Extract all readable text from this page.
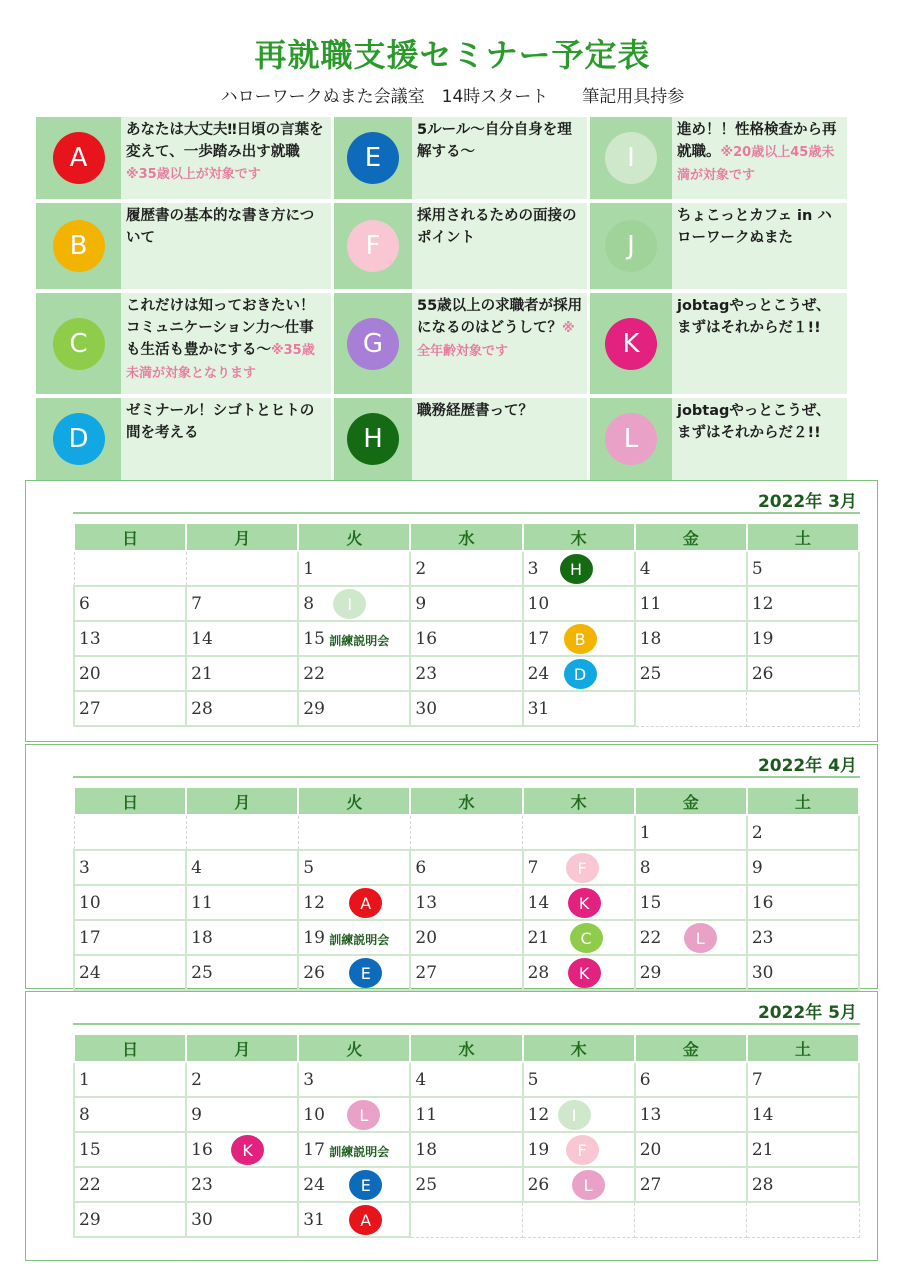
再就職支援セミナー予定表
ハローワークぬまた会議室　14時スタート　　筆記用具持参
A
あなたは大丈夫‼日頃の言葉を変えて、一歩踏み出す就職※35歳以上が対象です
E
5ルール～自分自身を理解する～	I
進め！！性格検査から再就職。※20歳以上45歳未満が対象です
B
履歴書の基本的な書き方について	F
採用されるための面接のポイント	J
ちょこっとカフェ in ハローワークぬまた
C
これだけは知っておきたい！コミュニケーション力～仕事も生活も豊かにする～※35歳未満が対象となります
G
55歳以上の求職者が採用になるのはどうして？※全年齢対象です	K
jobtagやっとこうぜ、まずはそれからだ１!!
D
ゼミナール！シゴトとヒトの間を考える	H
職務経歴書って？
L
jobtagやっとこうぜ、まずはそれからだ２!!
2022年 3月
日	月	火	水	木	金	土

		1	2	3 H	4	5

6	7	8 I	9	10	11	12

13	14	15 訓練説明会	16	17 B	18	19

20	21	22	23	24 D	25	26

27	28	29	30	31		

2022年 4月
日	月	火	水	木	金	土

					1	2

3	4	5	6	7 F	8	9

10	11	12 A	13	14 K	15	16

17	18	19 訓練説明会	20	21 C	22 L	23

24	25	26 E	27	28 K	29	30
2022年 5月
日	月	火	水	木	金	土

1	2	3	4	5	6	7

8	9	10 L	11	12 I	13	14

15	16 K	17 訓練説明会	18	19 F	20	21

22	23	24 E	25	26 L	27	28

29	30	31 A				
